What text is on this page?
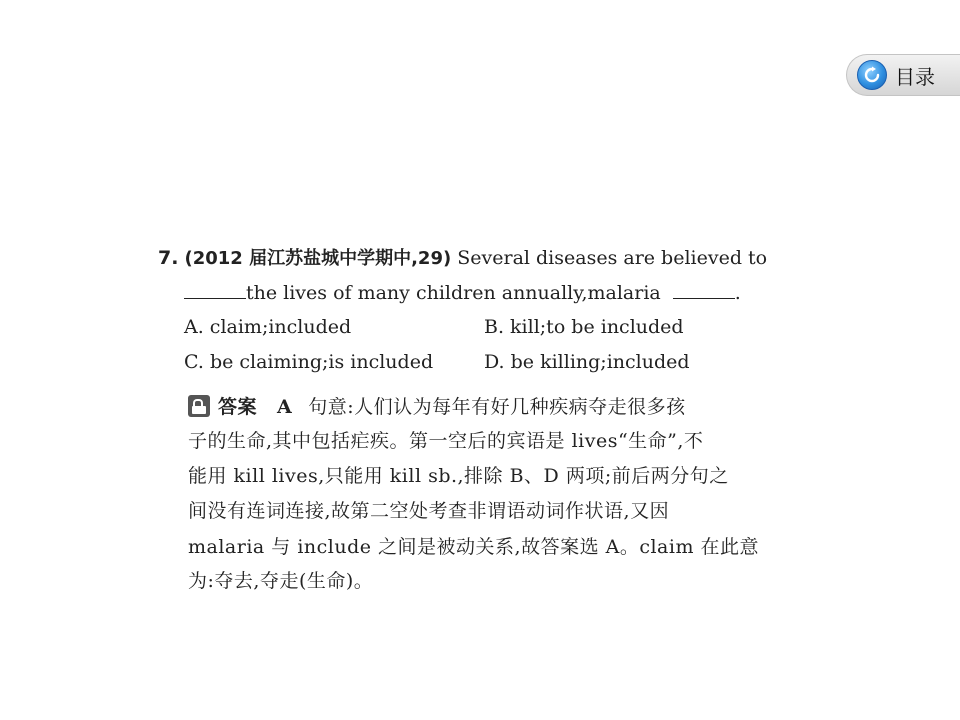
目录
7. (2012 届江苏盐城中学期中,29) Several diseases are believed to
the lives of many children annually,malaria	.
A. claim;included	B. kill;to be included
C. be claiming;is included	D. be killing;included
答案 A 句意:人们认为每年有好几种疾病夺走很多孩
子的生命,其中包括疟疾。第一空后的宾语是 lives“生命”,不
能用 kill lives,只能用 kill sb.,排除 B、D 两项;前后两分句之
间没有连词连接,故第二空处考查非谓语动词作状语,又因
malaria 与 include 之间是被动关系,故答案选 A。claim 在此意
为:夺去,夺走(生命)。
